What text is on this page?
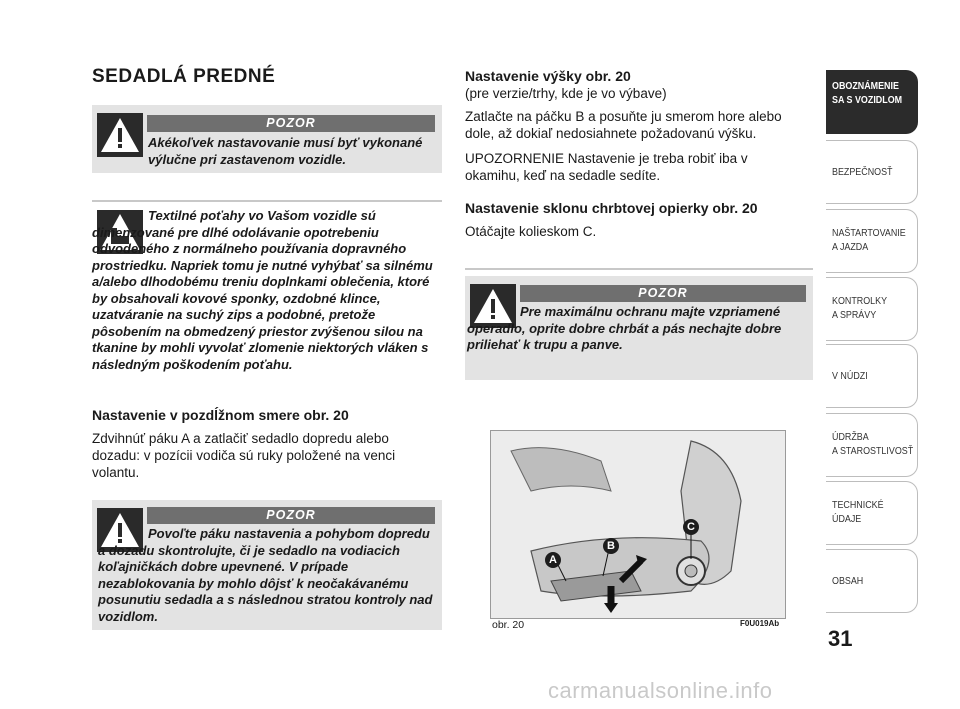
SEDADLÁ PREDNÉ
POZOR
Akékoľvek nastavovanie musí byť vykonané výlučne pri zastavenom vozidle.
Textilné poťahy vo Vašom vozidle sú dimenzované pre dlhé odolávanie opotrebeniu odvodeného z normálneho používania dopravného prostriedku. Napriek tomu je nutné vyhýbať sa silnému a/alebo dlhodobému treniu doplnkami oblečenia, ktoré by obsahovali kovové sponky, ozdobné klince, uzatváranie na suchý zips a podobné, pretože pôsobením na obmedzený priestor zvýšenou silou na tkanine by mohli vyvolať zlomenie niektorých vláken s následným poškodením poťahu.
Nastavenie v pozdĺžnom smere obr. 20
Zdvihnúť páku A a zatlačiť sedadlo dopredu alebo dozadu: v pozícii vodiča sú ruky položené na venci volantu.
POZOR
Povoľte páku nastavenia a pohybom dopredu a dozadu skontrolujte, či je sedadlo na vodiacich koľajničkách dobre upevnené. V prípade nezablokovania by mohlo dôjsť k neočakávanému posunutiu sedadla a s následnou stratou kontroly nad vozidlom.
Nastavenie výšky obr. 20
(pre verzie/trhy, kde je vo výbave)
Zatlačte na páčku B a posuňte ju smerom hore alebo dole, až dokiaľ nedosiahnete požadovanú výšku.
UPOZORNENIE Nastavenie je treba robiť iba v okamihu, keď na sedadle sedíte.
Nastavenie sklonu chrbtovej opierky obr. 20
Otáčajte kolieskom C.
POZOR
Pre maximálnu ochranu majte vzpriamené operadlo, oprite dobre chrbát a pás nechajte dobre priliehať k trupu a panve.
A
B
C
obr. 20	F0U019Ab
OBOZNÁMENIE
SA S VOZIDLOM
BEZPEČNOSŤ
NAŠTARTOVANIE
A JAZDA
KONTROLKY
A SPRÁVY
V NÚDZI
ÚDRŽBA
A STAROSTLIVOSŤ
TECHNICKÉ
ÚDAJE
OBSAH
31
carmanualsonline.info
